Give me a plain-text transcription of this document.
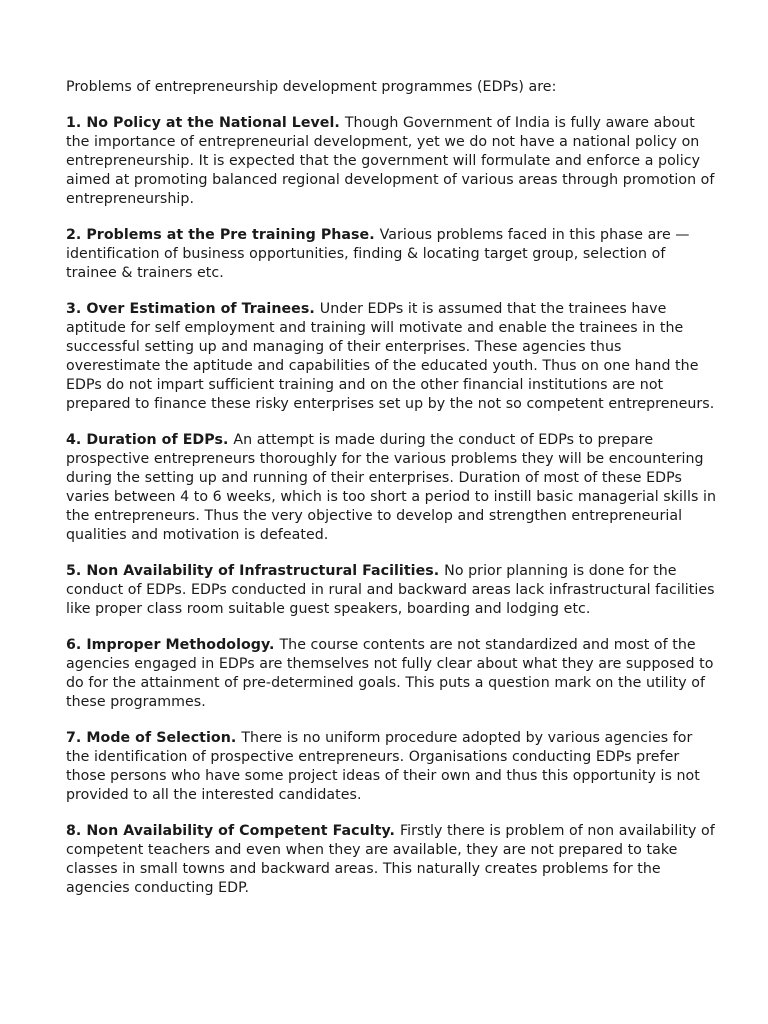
Problems of entrepreneurship development programmes (EDPs) are:

1. No Policy at the National Level. Though Government of India is fully aware about the importance of entrepreneurial development, yet we do not have a national policy on entrepreneurship. It is expected that the government will formulate and enforce a policy aimed at promoting balanced regional development of various areas through promotion of entrepreneurship.

2. Problems at the Pre training Phase. Various problems faced in this phase are — identification of business opportunities, finding & locating target group, selection of trainee & trainers etc.

3. Over Estimation of Trainees. Under EDPs it is assumed that the trainees have aptitude for self employment and training will motivate and enable the trainees in the successful setting up and managing of their enterprises. These agencies thus overestimate the aptitude and capabilities of the educated youth. Thus on one hand the EDPs do not impart sufficient training and on the other financial institutions are not prepared to finance these risky enterprises set up by the not so competent entrepreneurs.

4. Duration of EDPs. An attempt is made during the conduct of EDPs to prepare prospective entrepreneurs thoroughly for the various problems they will be encountering during the setting up and running of their enterprises. Duration of most of these EDPs varies between 4 to 6 weeks, which is too short a period to instill basic managerial skills in the entrepreneurs. Thus the very objective to develop and strengthen entrepreneurial qualities and motivation is defeated.

5. Non Availability of Infrastructural Facilities. No prior planning is done for the conduct of EDPs. EDPs conducted in rural and backward areas lack infrastructural facilities like proper class room suitable guest speakers, boarding and lodging etc.

6. Improper Methodology. The course contents are not standardized and most of the agencies engaged in EDPs are themselves not fully clear about what they are supposed to do for the attainment of pre-determined goals. This puts a question mark on the utility of these programmes.

7. Mode of Selection. There is no uniform procedure adopted by various agencies for the identification of prospective entrepreneurs. Organisations conducting EDPs prefer those persons who have some project ideas of their own and thus this opportunity is not provided to all the interested candidates.

8. Non Availability of Competent Faculty. Firstly there is problem of non availability of competent teachers and even when they are available, they are not prepared to take classes in small towns and backward areas. This naturally creates problems for the agencies conducting EDP.
